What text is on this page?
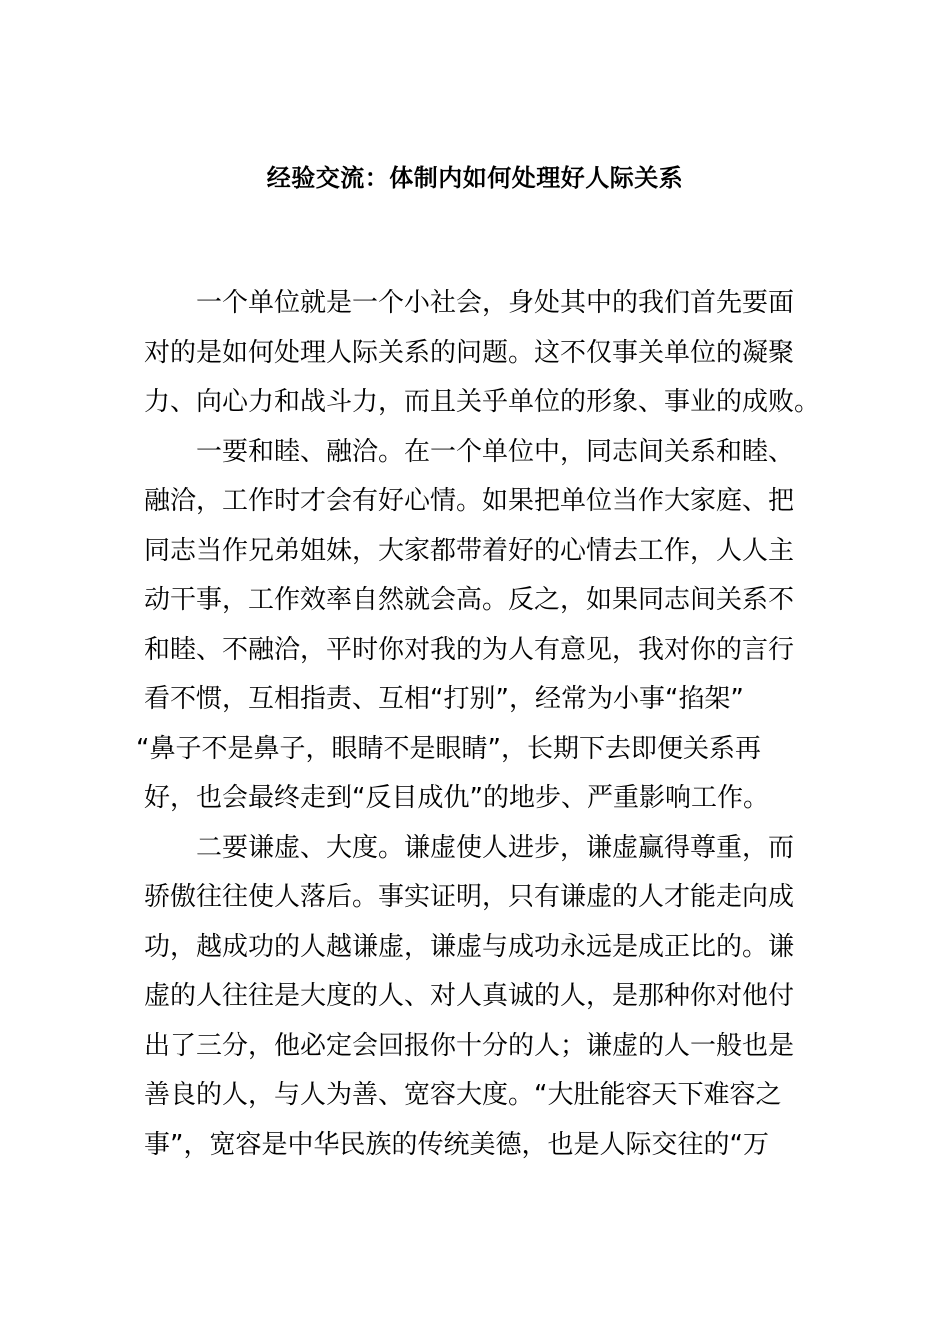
经验交流：体制内如何处理好人际关系
一个单位就是一个小社会，身处其中的我们首先要面
对的是如何处理人际关系的问题。这不仅事关单位的凝聚
力、向心力和战斗力，而且关乎单位的形象、事业的成败。
一要和睦、融洽。在一个单位中，同志间关系和睦、
融洽，工作时才会有好心情。如果把单位当作大家庭、把
同志当作兄弟姐妹，大家都带着好的心情去工作，人人主
动干事，工作效率自然就会高。反之，如果同志间关系不
和睦、不融洽，平时你对我的为人有意见，我对你的言行
看不惯，互相指责、互相“打别”，经常为小事“掐架”
“鼻子不是鼻子，眼睛不是眼睛”，长期下去即便关系再
好，也会最终走到“反目成仇”的地步、严重影响工作。
二要谦虚、大度。谦虚使人进步，谦虚赢得尊重，而
骄傲往往使人落后。事实证明，只有谦虚的人才能走向成
功，越成功的人越谦虚，谦虚与成功永远是成正比的。谦
虚的人往往是大度的人、对人真诚的人，是那种你对他付
出了三分，他必定会回报你十分的人；谦虚的人一般也是
善良的人，与人为善、宽容大度。“大肚能容天下难容之
事”，宽容是中华民族的传统美德，也是人际交往的“万
